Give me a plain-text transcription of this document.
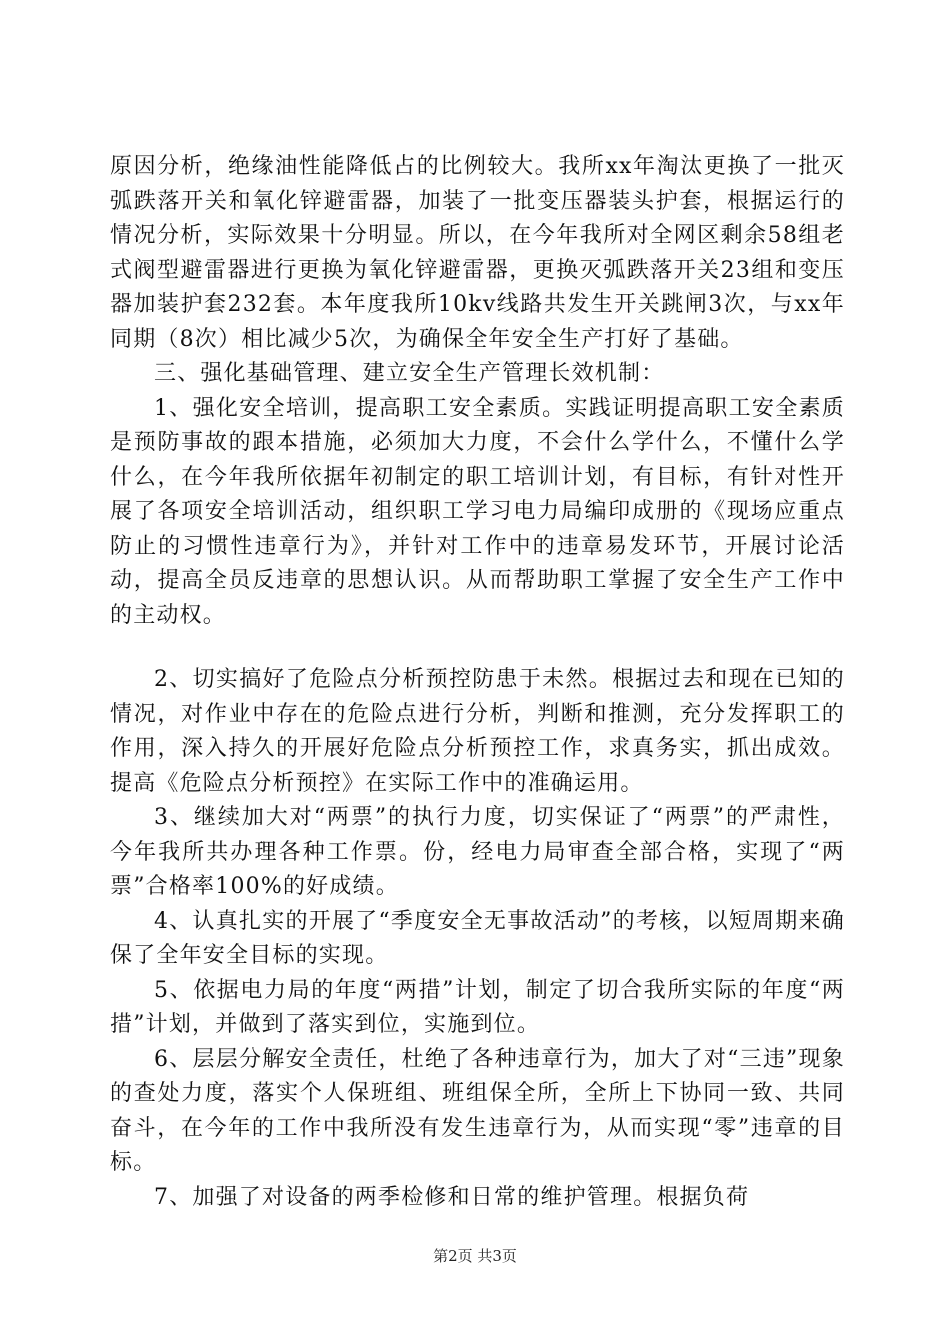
原因分析，绝缘油性能降低占的比例较大。我所xx年淘汰更换了一批灭弧跌落开关和氧化锌避雷器，加装了一批变压器装头护套，根据运行的情况分析，实际效果十分明显。所以，在今年我所对全网区剩余58组老式阀型避雷器进行更换为氧化锌避雷器，更换灭弧跌落开关23组和变压器加装护套232套。本年度我所10kv线路共发生开关跳闸3次，与xx年同期（8次）相比减少5次，为确保全年安全生产打好了基础。

三、强化基础管理、建立安全生产管理长效机制：

1、强化安全培训，提高职工安全素质。实践证明提高职工安全素质是预防事故的跟本措施，必须加大力度，不会什么学什么，不懂什么学什么，在今年我所依据年初制定的职工培训计划，有目标，有针对性开展了各项安全培训活动，组织职工学习电力局编印成册的《现场应重点防止的习惯性违章行为》，并针对工作中的违章易发环节，开展讨论活动，提高全员反违章的思想认识。从而帮助职工掌握了安全生产工作中的主动权。

2、切实搞好了危险点分析预控防患于未然。根据过去和现在已知的情况，对作业中存在的危险点进行分析，判断和推测，充分发挥职工的作用，深入持久的开展好危险点分析预控工作，求真务实，抓出成效。提高《危险点分析预控》在实际工作中的准确运用。

3、继续加大对“两票”的执行力度，切实保证了“两票”的严肃性，今年我所共办理各种工作票。份，经电力局审查全部合格，实现了“两票”合格率100%的好成绩。

4、认真扎实的开展了“季度安全无事故活动”的考核，以短周期来确保了全年安全目标的实现。

5、依据电力局的年度“两措”计划，制定了切合我所实际的年度“两措”计划，并做到了落实到位，实施到位。

6、层层分解安全责任，杜绝了各种违章行为，加大了对“三违”现象的查处力度，落实个人保班组、班组保全所，全所上下协同一致、共同奋斗，在今年的工作中我所没有发生违章行为，从而实现“零”违章的目标。

7、加强了对设备的两季检修和日常的维护管理。根据负荷

第2页 共3页
